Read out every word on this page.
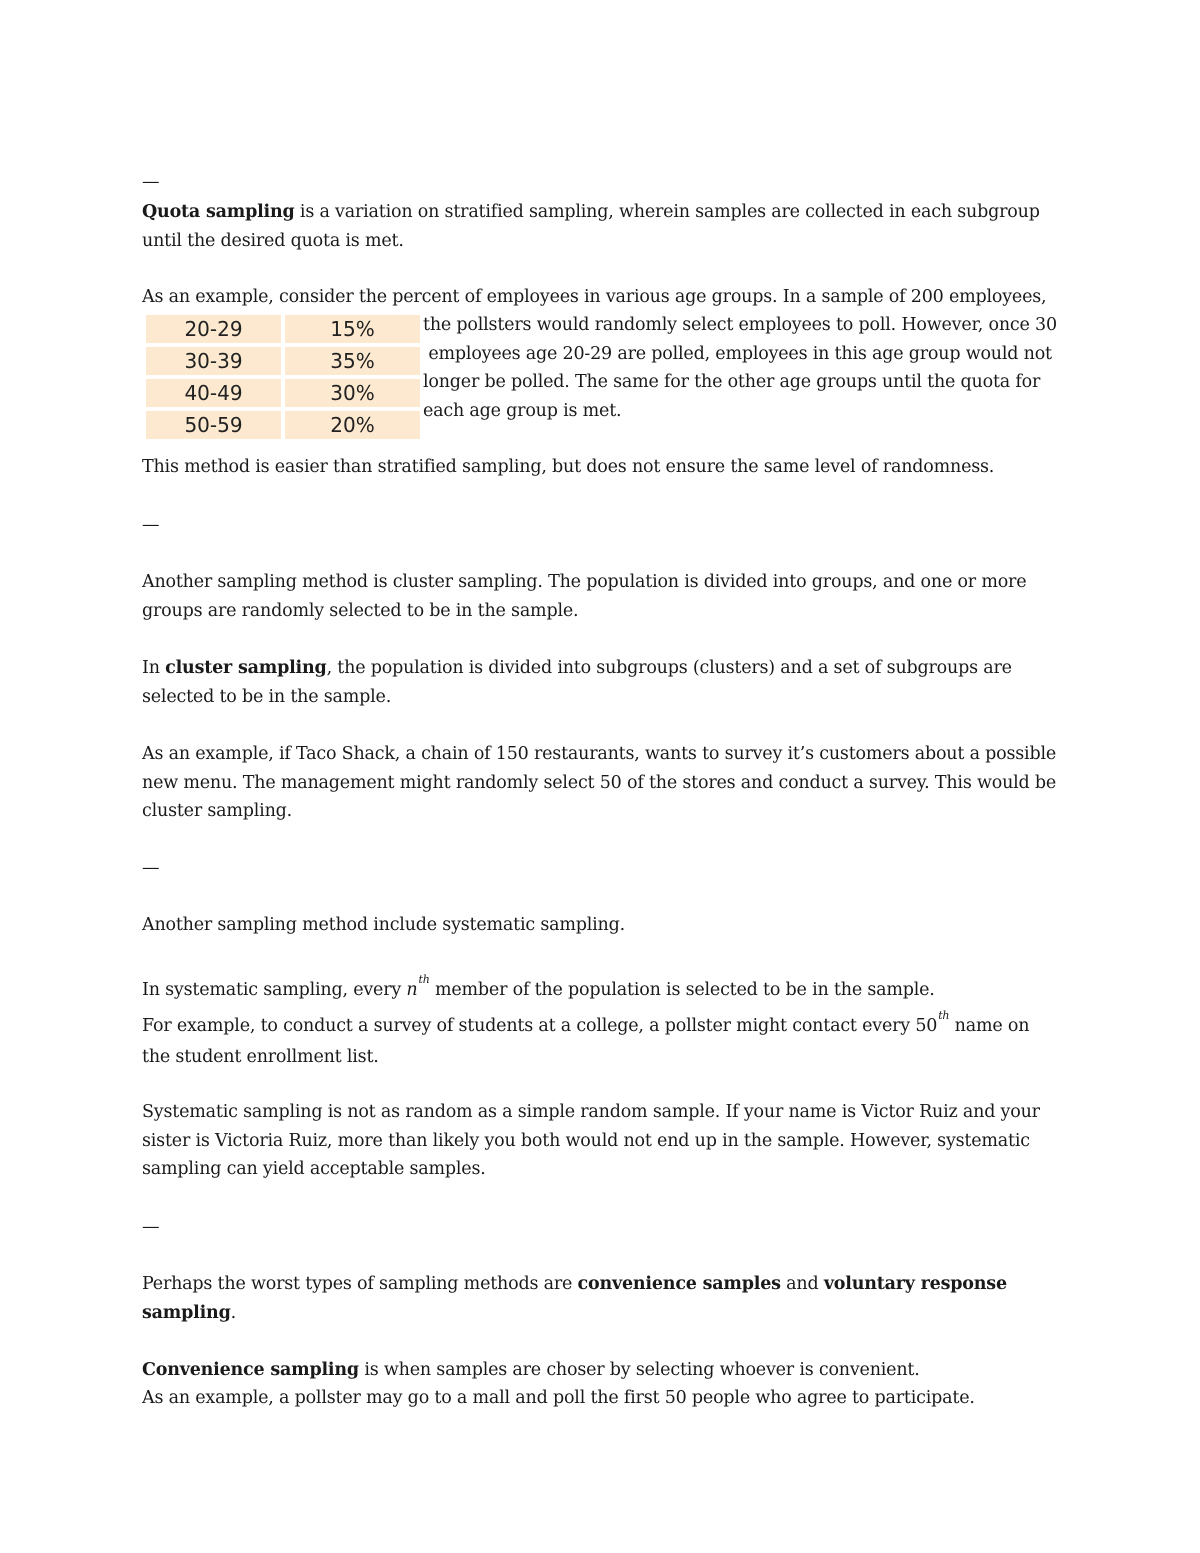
—

Quota sampling is a variation on stratified sampling, wherein samples are collected in each subgroup until the desired quota is met.

As an example, consider the percent of employees in various age groups. In a sample of 200 employees,

20-29	15%
30-39	35%
40-49	30%
50-59	20%
the pollsters would randomly select employees to poll. However, once 30
employees age 20-29 are polled, employees in this age group would not
longer be polled. The same for the other age groups until the quota for
each age group is met.

This method is easier than stratified sampling, but does not ensure the same level of randomness.

—

Another sampling method is cluster sampling. The population is divided into groups, and one or more groups are randomly selected to be in the sample.

In cluster sampling, the population is divided into subgroups (clusters) and a set of subgroups are selected to be in the sample.

As an example, if Taco Shack, a chain of 150 restaurants, wants to survey it’s customers about a possible new menu. The management might randomly select 50 of the stores and conduct a survey. This would be cluster sampling.

—

Another sampling method include systematic sampling.

In systematic sampling, every $n^{th}$ member of the population is selected to be in the sample.

For example, to conduct a survey of students at a college, a pollster might contact every 50th name on the student enrollment list.

Systematic sampling is not as random as a simple random sample. If your name is Victor Ruiz and your sister is Victoria Ruiz, more than likely you both would not end up in the sample. However, systematic sampling can yield acceptable samples.

—

Perhaps the worst types of sampling methods are convenience samples and voluntary response sampling.

Convenience sampling is when samples are choser by selecting whoever is convenient.

As an example, a pollster may go to a mall and poll the first 50 people who agree to participate.
